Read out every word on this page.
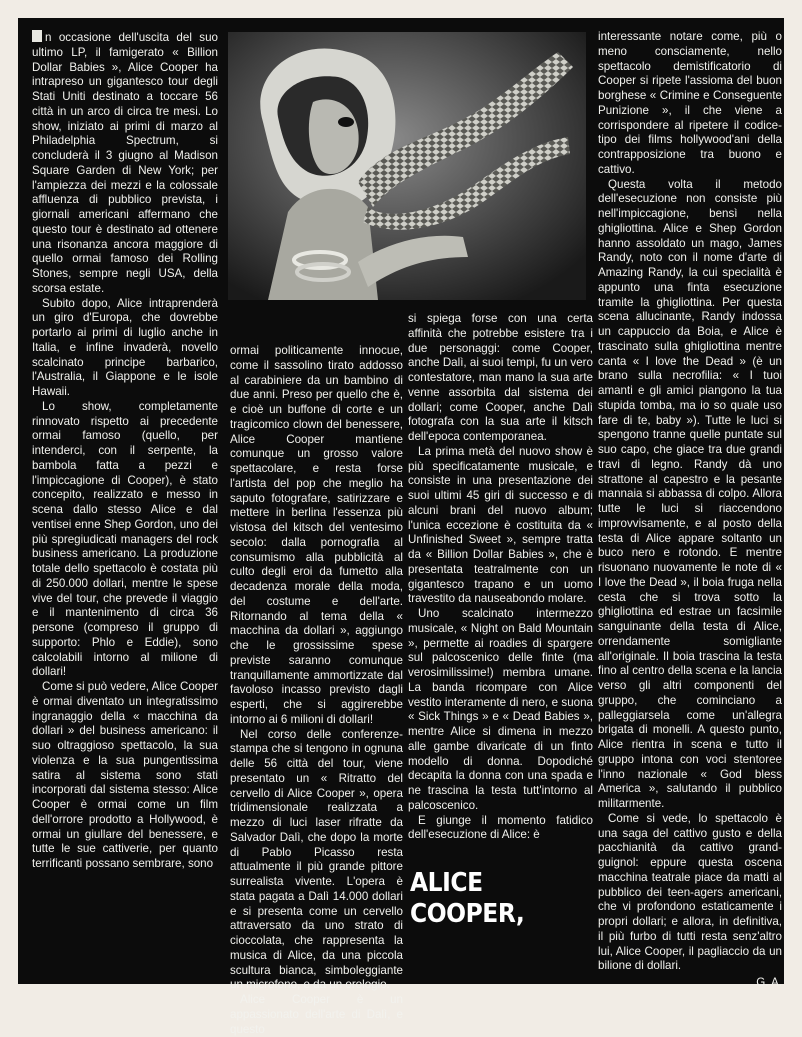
n occasione dell'uscita del suo ultimo LP, il famigerato « Billion Dollar Babies », Alice Cooper ha intrapreso un gigantesco tour degli Stati Uniti destinato a toccare 56 città in un arco di circa tre mesi. Lo show, iniziato ai primi di marzo al Philadelphia Spectrum, si concluderà il 3 giugno al Madison Square Garden di New York; per l'ampiezza dei mezzi e la colossale affluenza di pubblico prevista, i giornali americani affermano che questo tour è destinato ad ottenere una risonanza ancora maggiore di quello ormai famoso dei Rolling Stones, sempre negli USA, della scorsa estate.

Subito dopo, Alice intraprenderà un giro d'Europa, che dovrebbe portarlo ai primi di luglio anche in Italia, e infine invaderà, novello scalcinato principe barbarico, l'Australia, il Giappone e le isole Hawaii.

Lo show, completamente rinnovato rispetto ai precedente ormai famoso (quello, per intenderci, con il serpente, la bambola fatta a pezzi e l'impiccagione di Cooper), è stato concepito, realizzato e messo in scena dallo stesso Alice e dal ventisei enne Shep Gordon, uno dei più spregiudicati managers del rock business americano. La produzione totale dello spettacolo è costata più di 250.000 dollari, mentre le spese vive del tour, che prevede il viaggio e il mantenimento di circa 36 persone (compreso il gruppo di supporto: Phlo e Eddie), sono calcolabili intorno al milione di dollari!

Come si può vedere, Alice Cooper è ormai diventato un integratissimo ingranaggio della « macchina da dollari » del business americano: il suo oltraggioso spettacolo, la sua violenza e la sua pungentissima satira al sistema sono stati incorporati dal sistema stesso: Alice Cooper è ormai come un film dell'orrore prodotto a Hollywood, è ormai un giullare del benessere, e tutte le sue cattiverie, per quanto terrificanti possano sembrare, sono

ormai politicamente innocue, come il sassolino tirato addosso al carabiniere da un bambino di due anni. Preso per quello che è, e cioè un buffone di corte e un tragicomico clown del benessere, Alice Cooper mantiene comunque un grosso valore spettacolare, e resta forse l'artista del pop che meglio ha saputo fotografare, satirizzare e mettere in berlina l'essenza più vistosa del kitsch del ventesimo secolo: dalla pornografia al consumismo alla pubblicità al culto degli eroi da fumetto alla decadenza morale della moda, del costume e dell'arte. Ritornando al tema della « macchina da dollari », aggiungo che le grossissime spese previste saranno comunque tranquillamente ammortizzate dal favoloso incasso previsto dagli esperti, che si aggirerebbe intorno ai 6 milioni di dollari!

Nel corso delle conferenze-stampa che si tengono in ognuna delle 56 città del tour, viene presentato un « Ritratto del cervello di Alice Cooper », opera tridimensionale realizzata a mezzo di luci laser rifratte da Salvador Dalì, che dopo la morte di Pablo Picasso resta attualmente il più grande pittore surrealista vivente. L'opera è stata pagata a Dalì 14.000 dollari e si presenta come un cervello attraversato da uno strato di cioccolata, che rappresenta la musica di Alice, da una piccola scultura bianca, simboleggiante un microfono, e da un orologio.

Alice Cooper è un appassionato dell'arte di Dalì, e questo

si spiega forse con una certa affinità che potrebbe esistere tra i due personaggi: come Cooper, anche Dalì, ai suoi tempi, fu un vero contestatore, man mano la sua arte venne assorbita dal sistema dei dollari; come Cooper, anche Dalì fotografa con la sua arte il kitsch dell'epoca contemporanea.

La prima metà del nuovo show è più specificatamente musicale, e consiste in una presentazione dei suoi ultimi 45 giri di successo e di alcuni brani del nuovo album; l'unica eccezione è costituita da « Unfinished Sweet », sempre tratta da « Billion Dollar Babies », che è presentata teatralmente con un gigantesco trapano e un uomo travestito da nauseabondo molare.

Uno scalcinato intermezzo musicale, « Night on Bald Mountain », permette ai roadies di spargere sul palcoscenico delle finte (ma verosimilissime!) membra umane. La banda ricompare con Alice vestito interamente di nero, e suona « Sick Things » e « Dead Babies », mentre Alice si dimena in mezzo alle gambe divaricate di un finto modello di donna. Dopodiché decapita la donna con una spada e ne trascina la testa tutt'intorno al palcoscenico.

E giunge il momento fatidico dell'esecuzione di Alice: è

ALICE COOPER,

interessante notare come, più o meno consciamente, nello spettacolo demistificatorio di Cooper si ripete l'assioma del buon borghese « Crimine e Conseguente Punizione », il che viene a corrispondere al ripetere il codice-tipo dei films hollywood'ani della contrapposizione tra buono e cattivo.

Questa volta il metodo dell'esecuzione non consiste più nell'impiccagione, bensì nella ghigliottina. Alice e Shep Gordon hanno assoldato un mago, James Randy, noto con il nome d'arte di Amazing Randy, la cui specialità è appunto una finta esecuzione tramite la ghigliottina. Per questa scena allucinante, Randy indossa un cappuccio da Boia, e Alice è trascinato sulla ghigliottina mentre canta « I love the Dead » (è un brano sulla necrofilia: « I tuoi amanti e gli amici piangono la tua stupida tomba, ma io so quale uso fare di te, baby »). Tutte le luci si spengono tranne quelle puntate sul suo capo, che giace tra due grandi travi di legno. Randy dà uno strattone al capestro e la pesante mannaia si abbassa di colpo. Allora tutte le luci si riaccendono improvvisamente, e al posto della testa di Alice appare soltanto un buco nero e rotondo. E mentre risuonano nuovamente le note di « I love the Dead », il boia fruga nella cesta che si trova sotto la ghigliottina ed estrae un facsimile sanguinante della testa di Alice, orrendamente somigliante all'originale. Il boia trascina la testa fino al centro della scena e la lancia verso gli altri componenti del gruppo, che cominciano a palleggiarsela come un'allegra brigata di monelli. A questo punto, Alice rientra in scena e tutto il gruppo intona con voci stentoree l'inno nazionale « God bless America », salutando il pubblico militarmente.

Come si vede, lo spettacolo è una saga del cattivo gusto e della pacchianità da cattivo grand-guignol: eppure questa oscena macchina teatrale piace da matti al pubblico dei teen-agers americani, che vi profondono estaticamente i propri dollari; e allora, in definitiva, il più furbo di tutti resta senz'altro lui, Alice Cooper, il pagliaccio da un bilione di dollari.

G. A.
